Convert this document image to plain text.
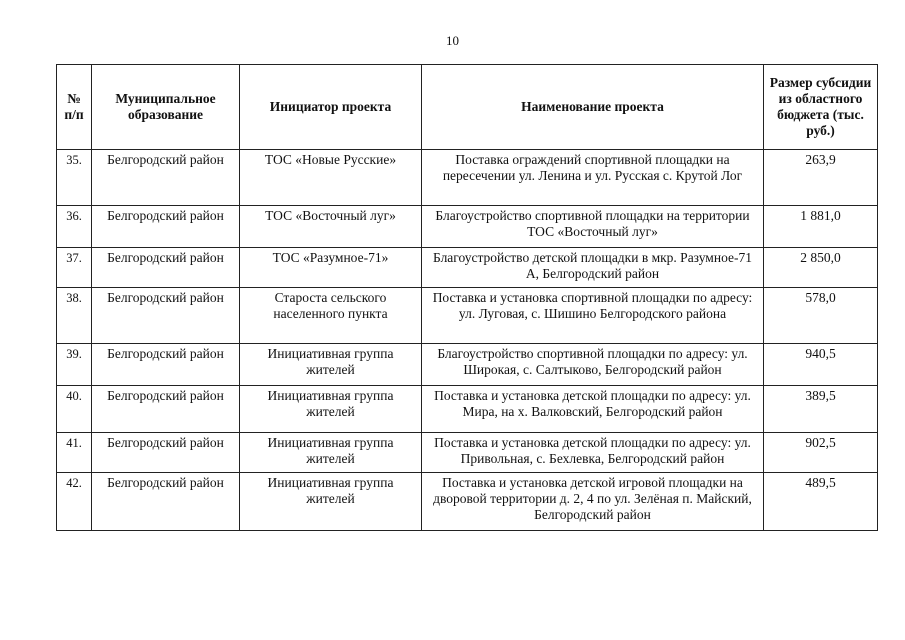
10
№ п/п	Муниципальное образование	Инициатор проекта	Наименование проекта	Размер субсидии из областного бюджета (тыс. руб.)
35.	Белгородский район	ТОС «Новые Русские»	Поставка ограждений спортивной площадки на пересечении ул. Ленина и ул. Русская с. Крутой Лог	263,9
36.	Белгородский район	ТОС «Восточный луг»	Благоустройство спортивной площадки на территории ТОС «Восточный луг»	1 881,0
37.	Белгородский район	ТОС «Разумное-71»	Благоустройство детской площадки в мкр. Разумное-71 А, Белгородский район	2 850,0
38.	Белгородский район	Староста сельского населенного пункта	Поставка и установка спортивной площадки по адресу: ул. Луговая, с. Шишино Белгородского района	578,0
39.	Белгородский район	Инициативная группа жителей	Благоустройство спортивной площадки по адресу: ул. Широкая, с. Салтыково, Белгородский район	940,5
40.	Белгородский район	Инициативная группа жителей	Поставка и установка детской площадки по адресу: ул. Мира, на х. Валковский, Белгородский район	389,5
41.	Белгородский район	Инициативная группа жителей	Поставка и установка детской площадки по адресу: ул. Привольная, с. Бехлевка, Белгородский район	902,5
42.	Белгородский район	Инициативная группа жителей	Поставка и установка детской игровой площадки на дворовой территории д. 2, 4 по ул. Зелёная п. Майский, Белгородский район	489,5
